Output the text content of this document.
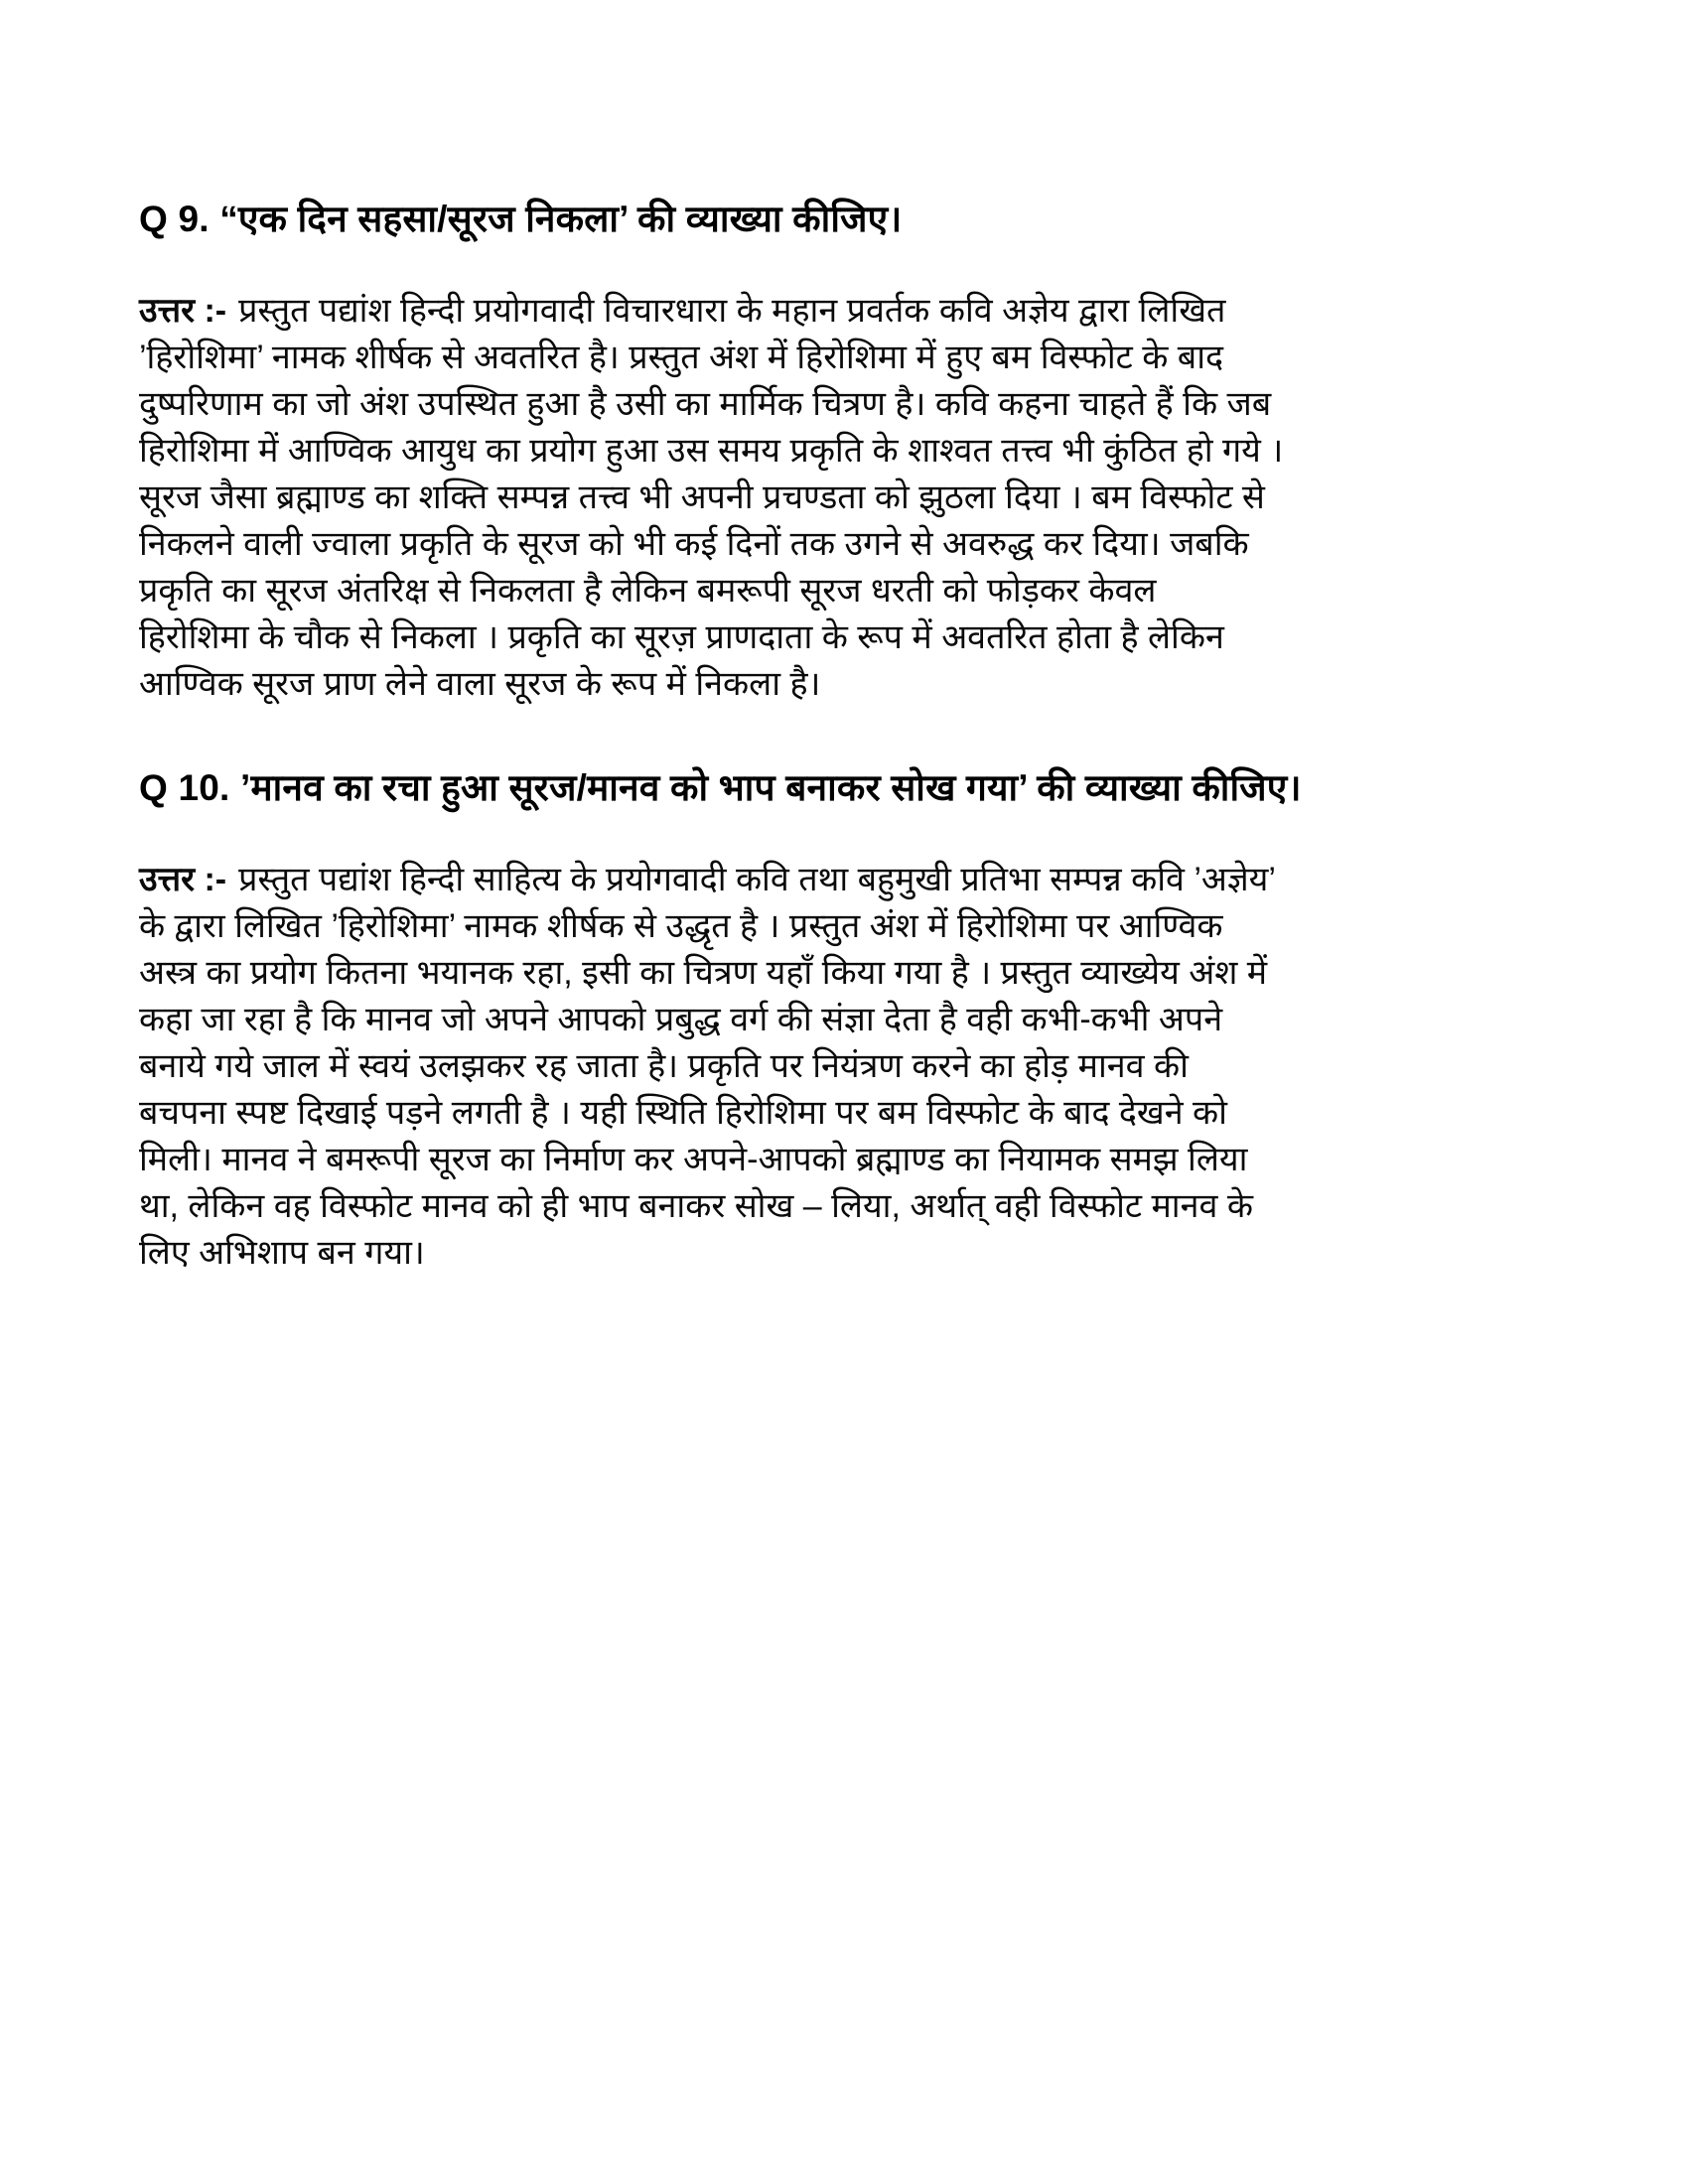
Q 9. “एक दिन सहसा/सूरज निकला’ की व्याख्या कीजिए।
उत्तर :- प्रस्तुत पद्यांश हिन्दी प्रयोगवादी विचारधारा के महान प्रवर्तक कवि अज्ञेय द्वारा लिखित
’हिरोशिमा’ नामक शीर्षक से अवतरित है। प्रस्तुत अंश में हिरोशिमा में हुए बम विस्फोट के बाद
दुष्परिणाम का जो अंश उपस्थित हुआ है उसी का मार्मिक चित्रण है। कवि कहना चाहते हैं कि जब
हिरोशिमा में आण्विक आयुध का प्रयोग हुआ उस समय प्रकृति के शाश्वत तत्त्व भी कुंठित हो गये ।
सूरज जैसा ब्रह्माण्ड का शक्ति सम्पन्न तत्त्व भी अपनी प्रचण्डता को झुठला दिया । बम विस्फोट से
निकलने वाली ज्वाला प्रकृति के सूरज को भी कई दिनों तक उगने से अवरुद्ध कर दिया। जबकि
प्रकृति का सूरज अंतरिक्ष से निकलता है लेकिन बमरूपी सूरज धरती को फोड़कर केवल
हिरोशिमा के चौक से निकला । प्रकृति का सूरज़ प्राणदाता के रूप में अवतरित होता है लेकिन
आण्विक सूरज प्राण लेने वाला सूरज के रूप में निकला है।
Q 10. ’मानव का रचा हुआ सूरज/मानव को भाप बनाकर सोख गया’ की व्याख्या कीजिए।
उत्तर :- प्रस्तुत पद्यांश हिन्दी साहित्य के प्रयोगवादी कवि तथा बहुमुखी प्रतिभा सम्पन्न कवि ’अज्ञेय’
के द्वारा लिखित ’हिरोशिमा’ नामक शीर्षक से उद्धृत है । प्रस्तुत अंश में हिरोशिमा पर आण्विक
अस्त्र का प्रयोग कितना भयानक रहा, इसी का चित्रण यहाँ किया गया है । प्रस्तुत व्याख्येय अंश में
कहा जा रहा है कि मानव जो अपने आपको प्रबुद्ध वर्ग की संज्ञा देता है वही कभी-कभी अपने
बनाये गये जाल में स्वयं उलझकर रह जाता है। प्रकृति पर नियंत्रण करने का होड़ मानव की
बचपना स्पष्ट दिखाई पड़ने लगती है । यही स्थिति हिरोशिमा पर बम विस्फोट के बाद देखने को
मिली। मानव ने बमरूपी सूरज का निर्माण कर अपने-आपको ब्रह्माण्ड का नियामक समझ लिया
था, लेकिन वह विस्फोट मानव को ही भाप बनाकर सोख – लिया, अर्थात् वही विस्फोट मानव के
लिए अभिशाप बन गया।
